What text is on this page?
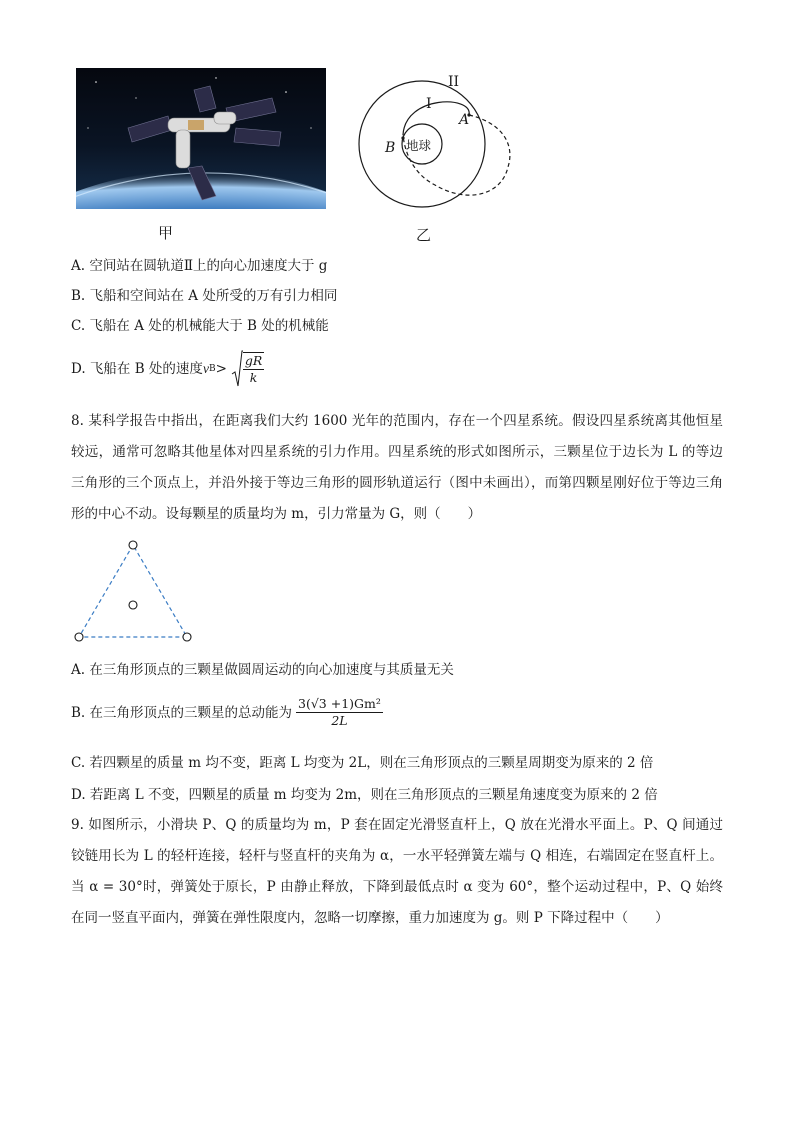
甲
II
I
A
B 地球
乙
A. 空间站在圆轨道Ⅱ上的向心加速度大于 g
B. 飞船和空间站在 A 处所受的万有引力相同
C. 飞船在 A 处的机械能大于 B 处的机械能
D. 飞船在 B 处的速度 v $B > \frac{gR}{k}$
8. 某科学报告中指出，在距离我们大约 1600 光年的范围内，存在一个四星系统。假设四星系统离其他恒星较远，通常可忽略其他星体对四星系统的引力作用。四星系统的形式如图所示，三颗星位于边长为 L 的等边三角形的三个顶点上，并沿外接于等边三角形的圆形轨道运行（图中未画出），而第四颗星刚好位于等边三角形的中心不动。设每颗星的质量均为 m，引力常量为 G，则（　　）
A. 在三角形顶点的三颗星做圆周运动的向心加速度与其质量无关
B. 在三角形顶点的三颗星的总动能为 $\frac{\text{3(√3 +1)Gm²}}{2L}$
C. 若四颗星的质量 m 均不变，距离 L 均变为 2L，则在三角形顶点的三颗星周期变为原来的 2 倍
D. 若距离 L 不变，四颗星的质量 m 均变为 2m，则在三角形顶点的三颗星角速度变为原来的 2 倍
9. 如图所示，小滑块 P、Q 的质量均为 m，P 套在固定光滑竖直杆上，Q 放在光滑水平面上。P、Q 间通过铰链用长为 L 的轻杆连接，轻杆与竖直杆的夹角为 α，一水平轻弹簧左端与 Q 相连，右端固定在竖直杆上。当 α = 30°时，弹簧处于原长，P 由静止释放，下降到最低点时 α 变为 60°，整个运动过程中，P、Q 始终在同一竖直平面内，弹簧在弹性限度内，忽略一切摩擦，重力加速度为 g。则 P 下降过程中（　　）
